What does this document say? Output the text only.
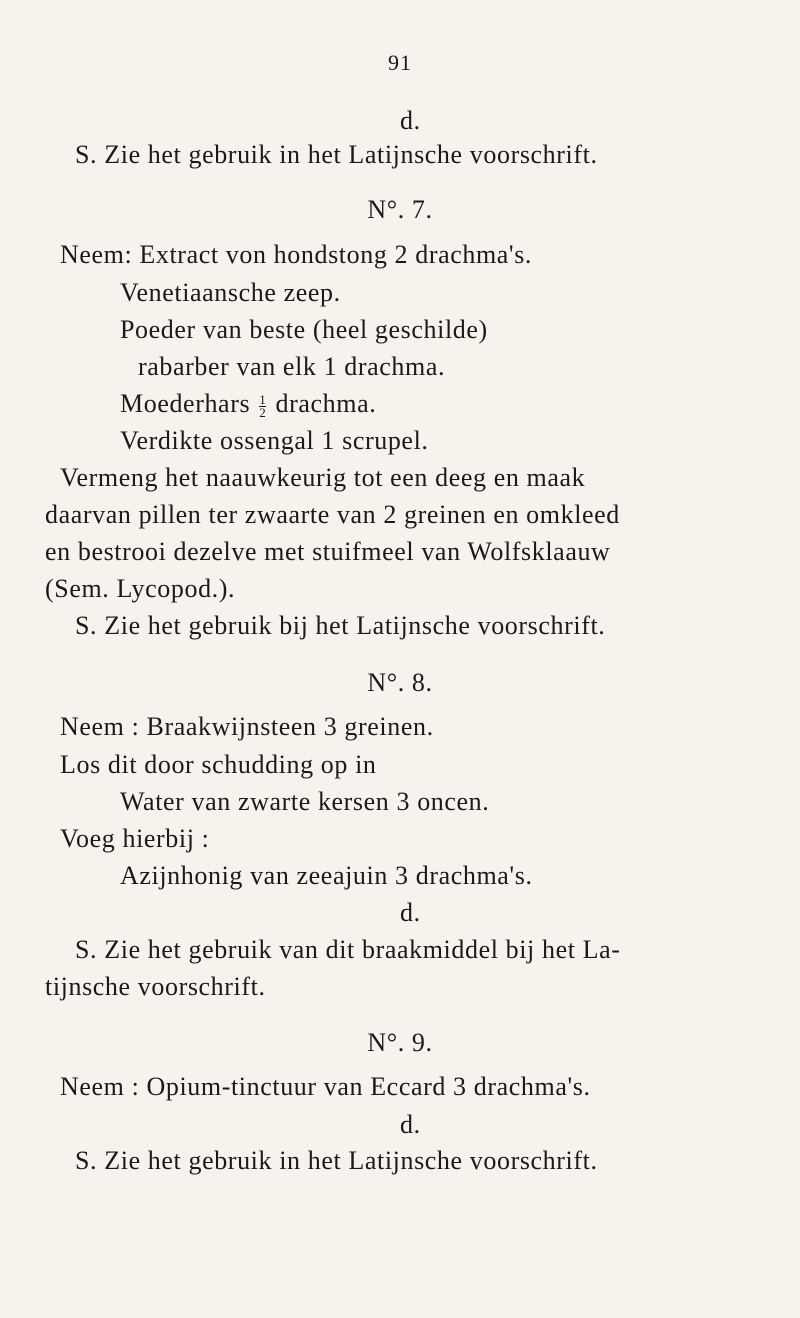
91
d.
S. Zie het gebruik in het Latijnsche voorschrift.
N°. 7.
Neem: Extract von hondstong 2 drachma's.
Venetiaansche zeep.
Poeder van beste (heel geschilde)
rabarber van elk 1 drachma.
Moederhars $\frac{1}{2}$ drachma.
Verdikte ossengal 1 scrupel.
Vermeng het naauwkeurig tot een deeg en maak
daarvan pillen ter zwaarte van 2 greinen en omkleed
en bestrooi dezelve met stuifmeel van Wolfsklaauw
(Sem. Lycopod.).
S. Zie het gebruik bij het Latijnsche voorschrift.
N°. 8.
Neem : Braakwijnsteen 3 greinen.
Los dit door schudding op in
Water van zwarte kersen 3 oncen.
Voeg hierbij :
Azijnhonig van zeeajuin 3 drachma's.
d.
S. Zie het gebruik van dit braakmiddel bij het La-
tijnsche voorschrift.
N°. 9.
Neem : Opium-tinctuur van Eccard 3 drachma's.
d.
S. Zie het gebruik in het Latijnsche voorschrift.
